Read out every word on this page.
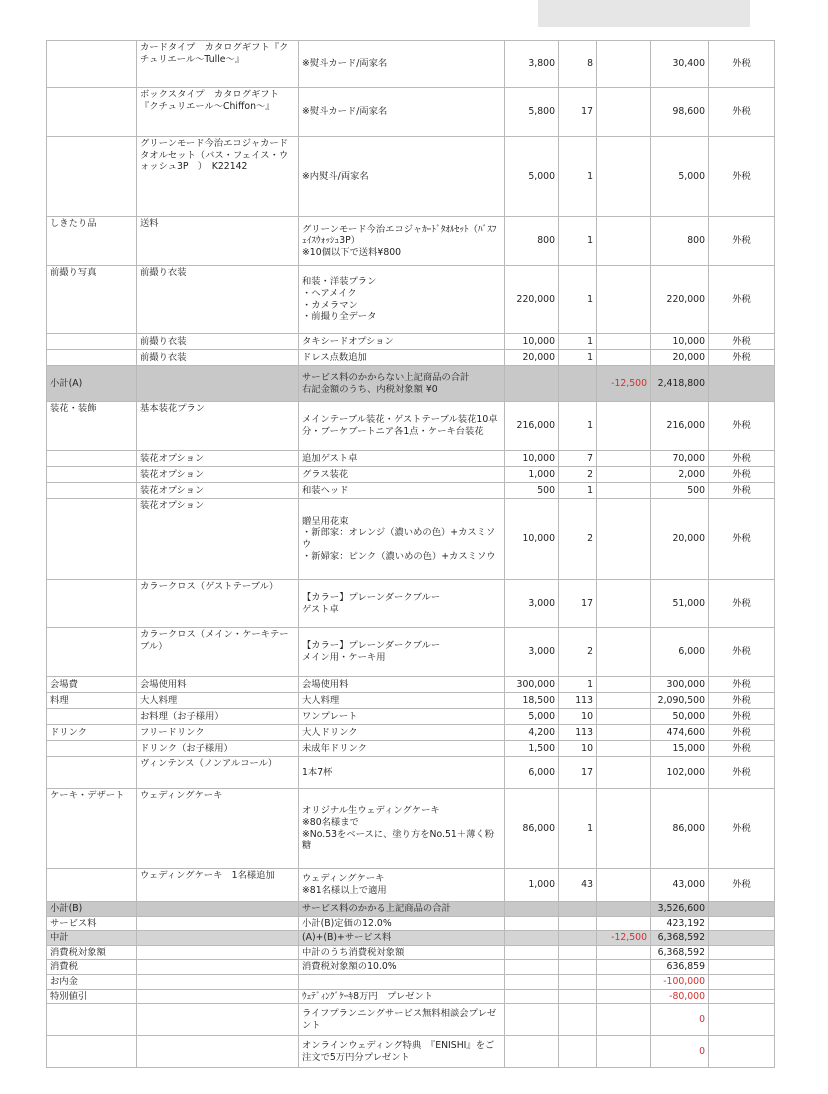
	カードタイプ　カタログギフト『クチュリエール～Tulle～』	※熨斗カード/両家名	3,800	8		30,400	外税
	ボックスタイプ　カタログギフト『クチュリエール～Chiffon～』	※熨斗カード/両家名	5,800	17		98,600	外税
	グリーンモード今治エコジャカードタオルセット（バス・フェイス・ウォッシュ3P　）　K22142	※内熨斗/両家名	5,000	1		5,000	外税
しきたり品	送料	グリーンモード今治エコジャｶｰﾄﾞﾀｵﾙｾｯﾄ（ﾊﾞｽﾌｪｲｽｳｫｯｼｭ3P）
※10個以下で送料¥800	800	1		800	外税
前撮り写真	前撮り衣装	和装・洋装プラン
・ヘアメイク
・カメラマン
・前撮り全データ	220,000	1		220,000	外税
	前撮り衣装	タキシードオプション	10,000	1		10,000	外税
	前撮り衣装	ドレス点数追加	20,000	1		20,000	外税
小計(A)		サービス料のかからない上記商品の合計
右記金額のうち、内税対象額 ¥0			-12,500	2,418,800	
装花・装飾	基本装花プラン	メインテーブル装花・ゲストテーブル装花10卓分・ブーケブートニア各1点・ケーキ台装花	216,000	1		216,000	外税
	装花オプション	追加ゲスト卓	10,000	7		70,000	外税
	装花オプション	グラス装花	1,000	2		2,000	外税
	装花オプション	和装ヘッド	500	1		500	外税
	装花オプション	贈呈用花束
・新郎家：オレンジ（濃いめの色）+カスミソウ
・新婦家：ピンク（濃いめの色）+カスミソウ	10,000	2		20,000	外税
	カラークロス（ゲストテーブル）	【カラー】プレーンダークブルー
ゲスト卓	3,000	17		51,000	外税
	カラークロス（メイン・ケーキテーブル）	【カラー】プレーンダークブルー
メイン用・ケーキ用	3,000	2		6,000	外税
会場費	会場使用料	会場使用料	300,000	1		300,000	外税
料理	大人料理	大人料理	18,500	113		2,090,500	外税
	お料理（お子様用）	ワンプレート	5,000	10		50,000	外税
ドリンク	フリードリンク	大人ドリンク	4,200	113		474,600	外税
	ドリンク（お子様用）	未成年ドリンク	1,500	10		15,000	外税
	ヴィンテンス（ノンアルコール）	1本7杯	6,000	17		102,000	外税
ケーキ・デザート	ウェディングケーキ	オリジナル生ウェディングケーキ
※80名様まで
※No.53をベースに、塗り方をNo.51＋薄く粉糖	86,000	1		86,000	外税
	ウェディングケーキ　1名様追加	ウェディングケーキ
※81名様以上で適用	1,000	43		43,000	外税
小計(B)		サービス料のかかる上記商品の合計				3,526,600	
サービス料		小計(B)定価の12.0%				423,192	
中計		(A)+(B)+サービス料			-12,500	6,368,592	
消費税対象額		中計のうち消費税対象額				6,368,592	
消費税		消費税対象額の10.0%				636,859	
お内金						-100,000	
特別値引		ｳｪﾃﾞｨﾝｸﾞｹｰｷ8万円　プレゼント				-80,000	
		ライフプランニングサービス無料相談会プレゼント				0	
		オンラインウェディング特典　『ENISHI』をご注文で5万円分プレゼント				0	
